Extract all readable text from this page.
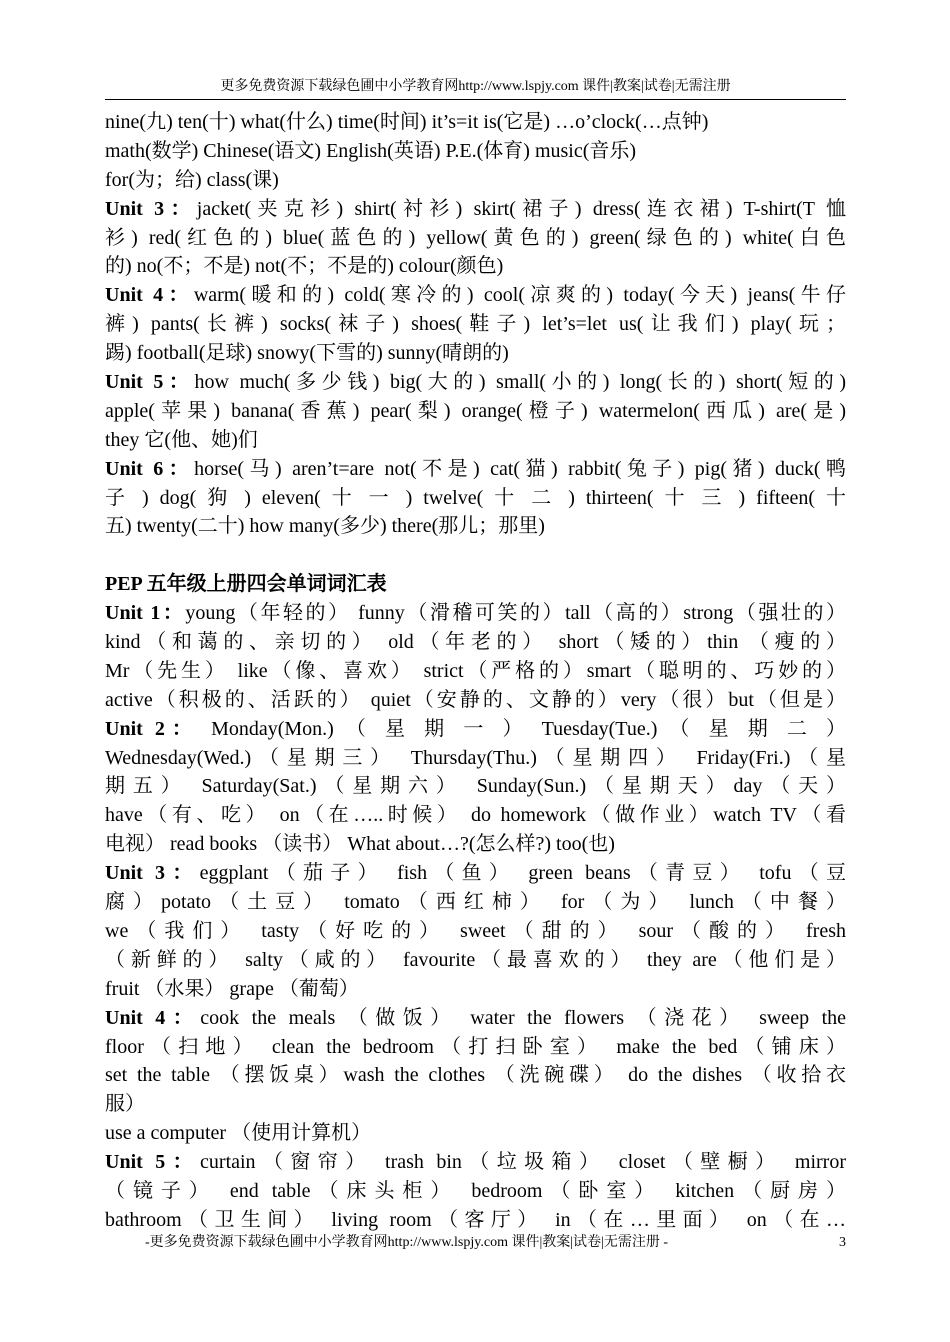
更多免费资源下载绿色圃中小学教育网http://www.lspjy.com 课件|教案|试卷|无需注册
nine(九) ten(十) what(什么) time(时间) it’s=it is(它是) …o’clock(…点钟)
math(数学) Chinese(语文) English(英语) P.E.(体育) music(音乐)
for(为；给) class(课)
Unit 3：jacket(夹克衫) shirt(衬衫) skirt(裙子) dress(连衣裙) T-shirt(T 恤
衫) red(红色的) blue(蓝色的) yellow(黄色的) green(绿色的) white(白色
的) no(不；不是) not(不；不是的) colour(颜色)
Unit 4：warm(暖和的) cold(寒冷的) cool(凉爽的) today(今天) jeans(牛仔
裤) pants(长裤) socks(袜子) shoes(鞋子) let’s=let us(让我们) play(玩；
踢) football(足球) snowy(下雪的) sunny(晴朗的)
Unit 5：how much(多少钱) big(大的) small(小的) long(长的) short(短的)
apple(苹果) banana(香蕉) pear(梨) orange(橙子) watermelon(西瓜) are(是)
they 它(他、她)们
Unit 6：horse(马) aren’t=are not(不是) cat(猫) rabbit(兔子) pig(猪) duck(鸭
子 ) dog( 狗 ) eleven( 十 一 ) twelve( 十 二 ) thirteen( 十 三 ) fifteen( 十
五) twenty(二十) how many(多少) there(那儿；那里)
PEP 五年级上册四会单词词汇表
Unit 1：young（年轻的） funny（滑稽可笑的）tall（高的）strong（强壮的）
kind（和蔼的、亲切的） old（年老的） short（矮的）thin （瘦的）
Mr（先生） like（像、喜欢） strict（严格的）smart（聪明的、巧妙的）
active（积极的、活跃的） quiet（安静的、文静的）very（很）but（但是）
Unit 2： Monday(Mon.) （ 星 期 一 ） Tuesday(Tue.) （ 星 期 二 ）
Wednesday(Wed.)（星期三） Thursday(Thu.)（星期四） Friday(Fri.)（星
期五） Saturday(Sat.)（星期六） Sunday(Sun.)（星期天）day（天）
have（有、吃） on（在…..时候） do homework（做作业）watch TV（看
电视） read books （读书） What about…?(怎么样?) too(也)
Unit 3：eggplant（茄子） fish（鱼） green beans（青豆） tofu（豆
腐）potato（土豆） tomato（西红柿） for（为） lunch（中餐）
we（我们） tasty（好吃的） sweet（甜的） sour（酸的） fresh
（新鲜的） salty（咸的） favourite（最喜欢的） they are（他们是）
fruit （水果） grape （葡萄）
Unit 4：cook the meals （做饭） water the flowers （浇花） sweep the
floor（扫地） clean the bedroom（打扫卧室） make the bed（铺床）
set the table （摆饭桌）wash the clothes （洗碗碟） do the dishes （收拾衣
服）
use a computer （使用计算机）
Unit 5：curtain（窗帘） trash bin（垃圾箱） closet（壁橱） mirror
（镜子） end table（床头柜） bedroom（卧室） kitchen（厨房）
bathroom（卫生间） living room（客厅） in（在…里面） on（在…
-更多免费资源下载绿色圃中小学教育网http://www.lspjy.com 课件|教案|试卷|无需注册 -	3
